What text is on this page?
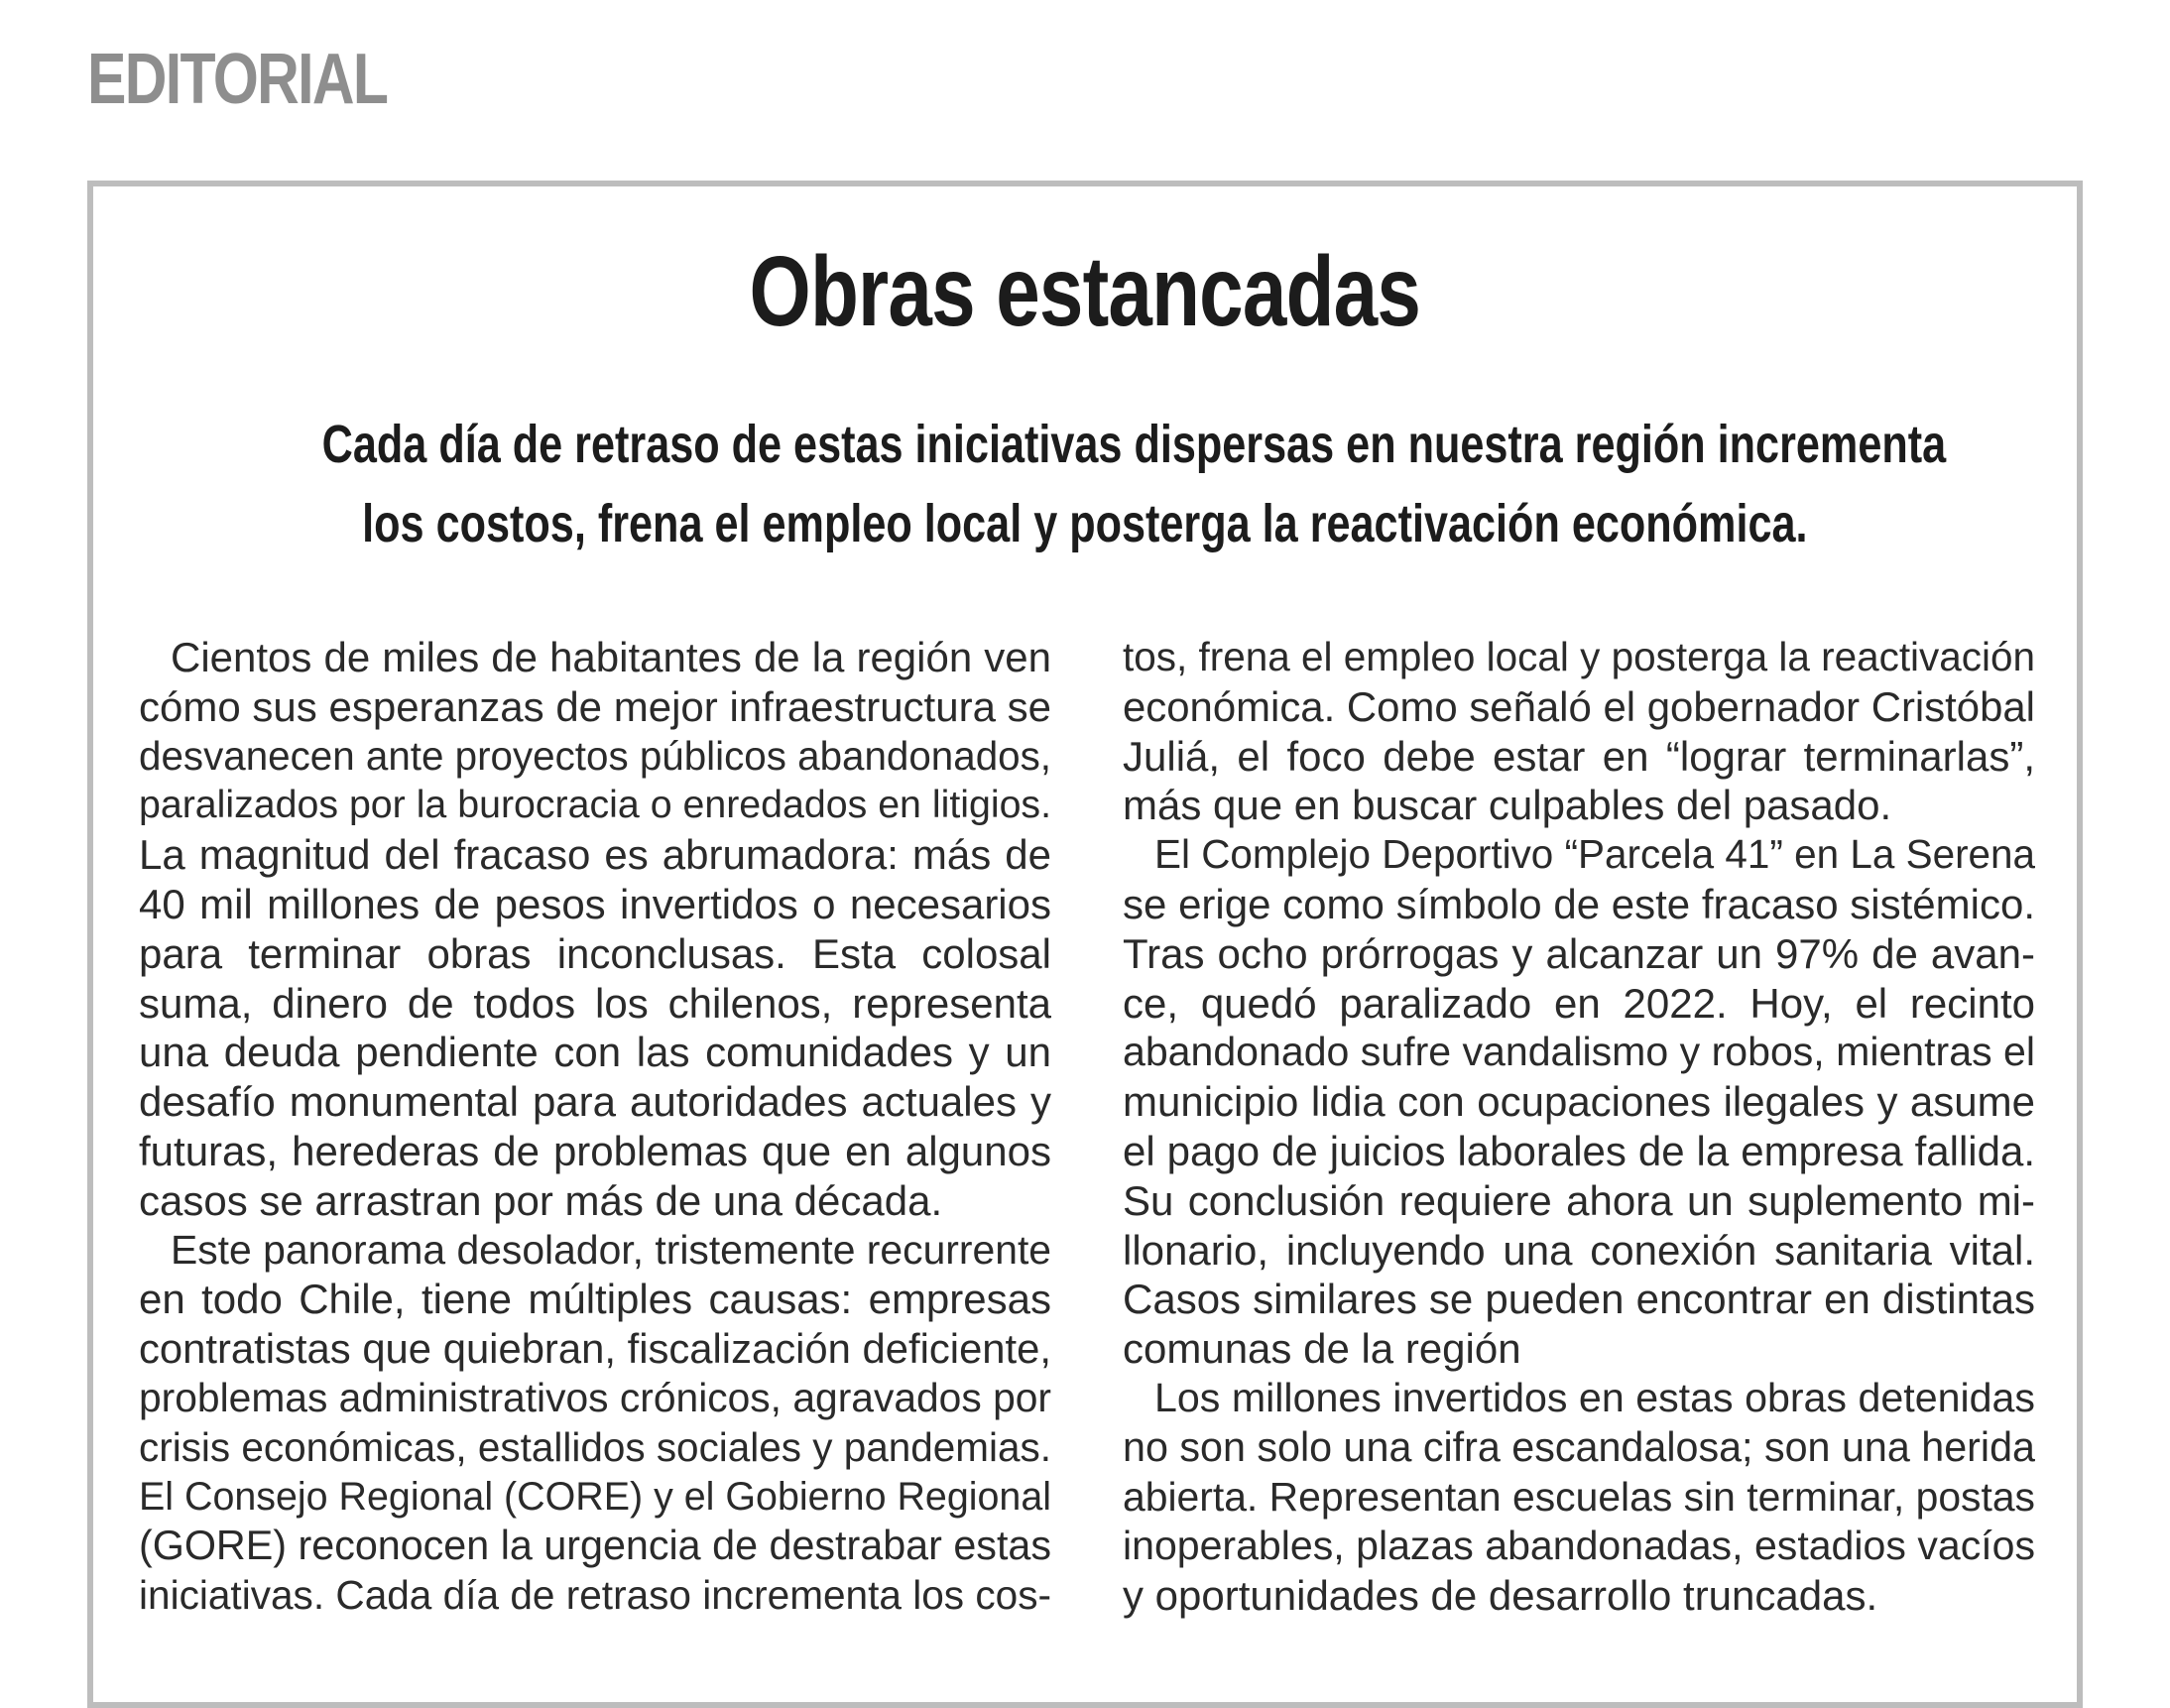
EDITORIAL
Obras estancadas
Cada día de retraso de estas iniciativas dispersas en nuestra región incrementa
los costos, frena el empleo local y posterga la reactivación económica.
Cientos de miles de habitantes de la región ven
cómo sus esperanzas de mejor infraestructura se
desvanecen ante proyectos públicos abandonados,
paralizados por la burocracia o enredados en litigios.
La magnitud del fracaso es abrumadora: más de
40 mil millones de pesos invertidos o necesarios
para terminar obras inconclusas. Esta colosal
suma, dinero de todos los chilenos, representa
una deuda pendiente con las comunidades y un
desafío monumental para autoridades actuales y
futuras, herederas de problemas que en algunos
casos se arrastran por más de una década.
Este panorama desolador, tristemente recurrente
en todo Chile, tiene múltiples causas: empresas
contratistas que quiebran, fiscalización deficiente,
problemas administrativos crónicos, agravados por
crisis económicas, estallidos sociales y pandemias.
El Consejo Regional (CORE) y el Gobierno Regional
(GORE) reconocen la urgencia de destrabar estas
iniciativas. Cada día de retraso incrementa los cos-
tos, frena el empleo local y posterga la reactivación
económica. Como señaló el gobernador Cristóbal
Juliá, el foco debe estar en “lograr terminarlas”,
más que en buscar culpables del pasado.
El Complejo Deportivo “Parcela 41” en La Serena
se erige como símbolo de este fracaso sistémico.
Tras ocho prórrogas y alcanzar un 97% de avan-
ce, quedó paralizado en 2022. Hoy, el recinto
abandonado sufre vandalismo y robos, mientras el
municipio lidia con ocupaciones ilegales y asume
el pago de juicios laborales de la empresa fallida.
Su conclusión requiere ahora un suplemento mi-
llonario, incluyendo una conexión sanitaria vital.
Casos similares se pueden encontrar en distintas
comunas de la región
Los millones invertidos en estas obras detenidas
no son solo una cifra escandalosa; son una herida
abierta. Representan escuelas sin terminar, postas
inoperables, plazas abandonadas, estadios vacíos
y oportunidades de desarrollo truncadas.
